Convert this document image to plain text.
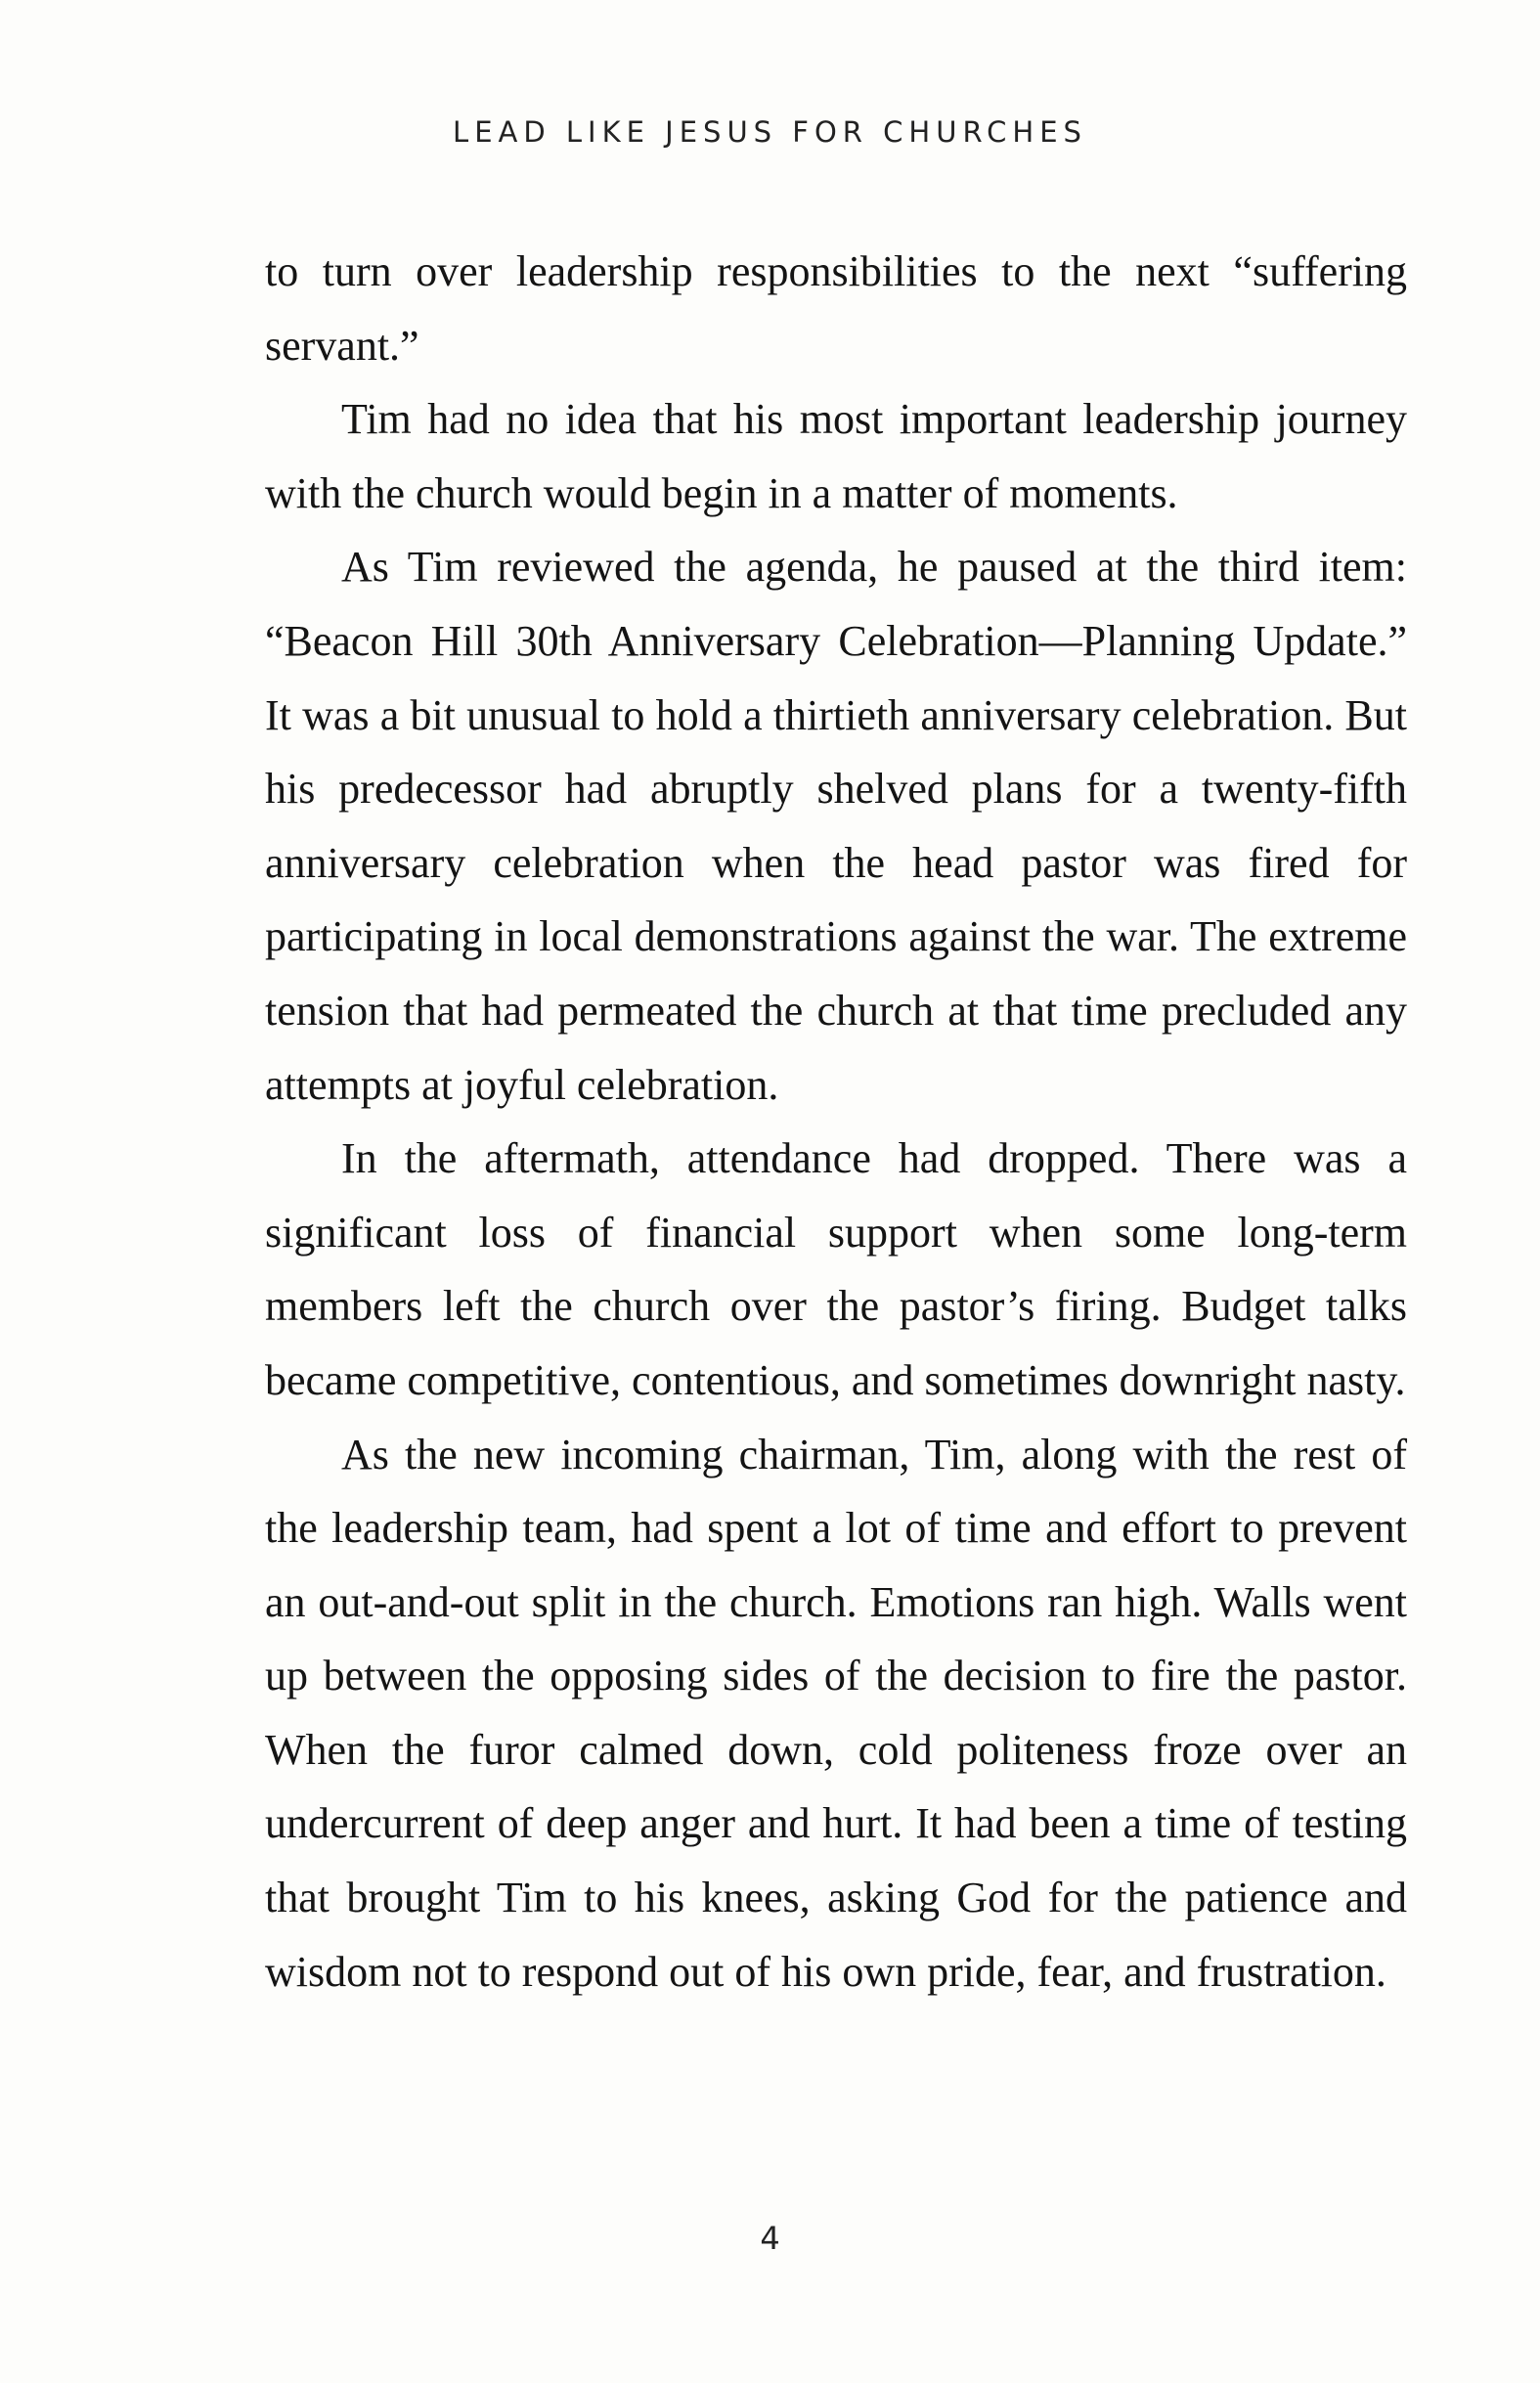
LEAD LIKE JESUS FOR CHURCHES

to turn over leadership responsibilities to the next “suffering servant.”

Tim had no idea that his most important leadership journey with the church would begin in a matter of moments.

As Tim reviewed the agenda, he paused at the third item: “Beacon Hill 30th Anniversary Celebration—Planning Update.” It was a bit unusual to hold a thirtieth anniversary celebration. But his predecessor had abruptly shelved plans for a twenty-fifth anniversary celebration when the head pastor was fired for participating in local demonstrations against the war. The extreme tension that had permeated the church at that time precluded any attempts at joyful celebration.

In the aftermath, attendance had dropped. There was a significant loss of financial support when some long-term members left the church over the pastor’s firing. Budget talks became competitive, contentious, and sometimes downright nasty.

As the new incoming chairman, Tim, along with the rest of the leadership team, had spent a lot of time and effort to prevent an out-and-out split in the church. Emotions ran high. Walls went up between the opposing sides of the decision to fire the pastor. When the furor calmed down, cold politeness froze over an undercurrent of deep anger and hurt. It had been a time of testing that brought Tim to his knees, asking God for the patience and wisdom not to respond out of his own pride, fear, and frustration.

4
